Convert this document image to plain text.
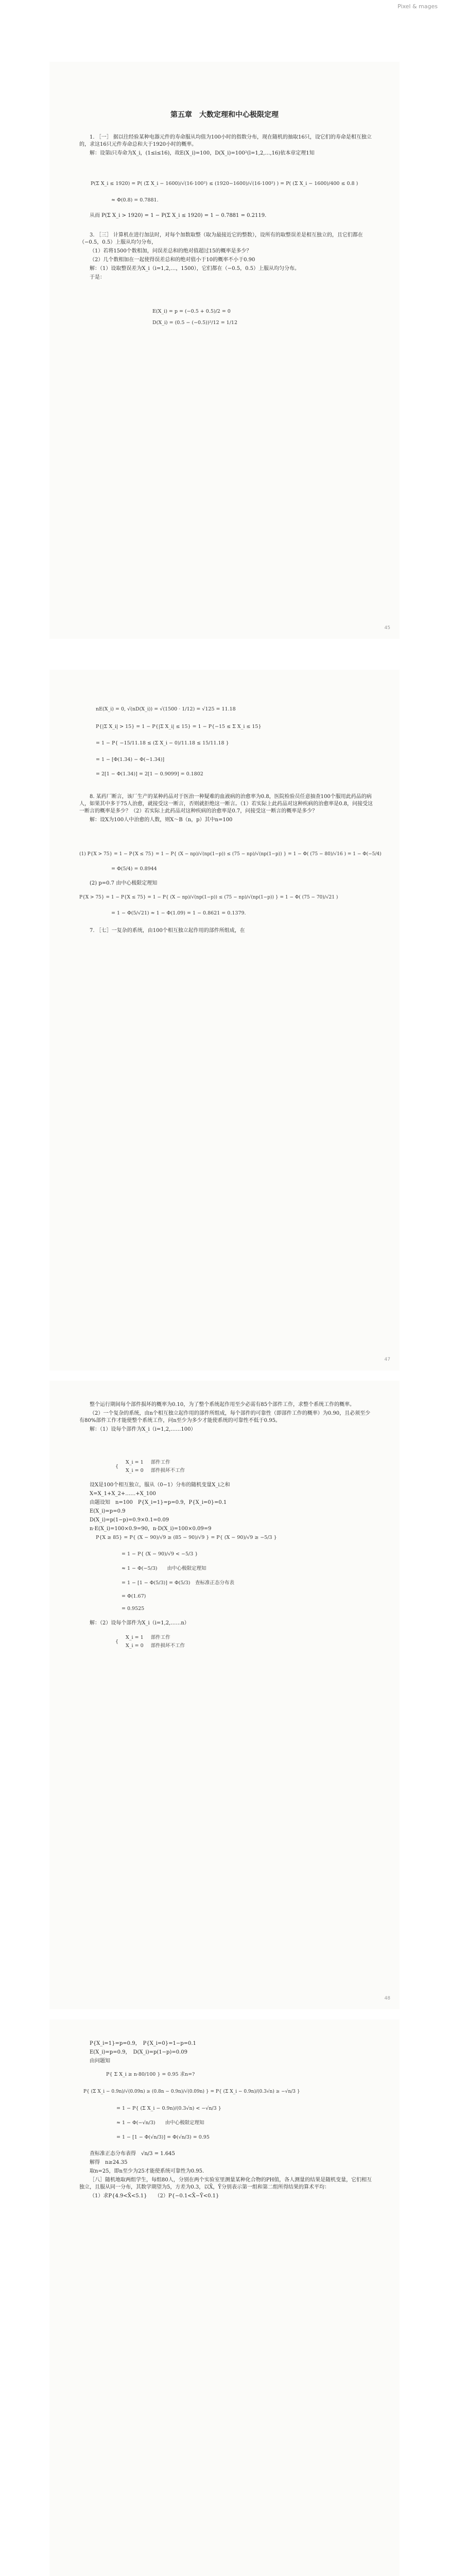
Pixel & mages
第五章　大数定理和中心极限定理

1. ［一］ 据以往经验某种电器元件的寿命服从均值为100小时的指数分布，现在随机的抽取16只，设它们的寿命是相互独立的，求这16只元件寿命总和大于1920小时的概率。

解：设第i只寿命为X_i，(1≤i≤16)，故E(X_i)=100，D(X_i)=100²(l=1,2,…,16)依本章定理1知

P(Σ X_i ≤ 1920) = P( (Σ X_i − 1600)/√(16·100²) ≤ (1920−1600)/√(16·100²) ) = P( (Σ X_i − 1600)/400 ≤ 0.8 )
≈ Φ(0.8) = 0.7881.

从而 P(Σ X_i > 1920) = 1 − P(Σ X_i ≤ 1920) = 1 − 0.7881 = 0.2119.

3. ［三］ 计算机在进行加法时，对每个加数取整（取为最接近它的整数），设所有的取整误差是相互独立的，且它们都在（−0.5，0.5）上服从均匀分布，

（1）若将1500个数相加，问误差总和的绝对值超过15的概率是多少？

（2）几个数相加在一起使得误差总和的绝对值小于10的概率不小于0.90

解：（1）设取整误差为X_i（i=1,2,…，1500），它们都在（−0.5，0.5）上服从均匀分布。

于是：

E(X_i) = p = (−0.5 + 0.5)/2 = 0
D(X_i) = (0.5 − (−0.5))²/12 = 1/12
45
nE(X_i) = 0, √(nD(X_i)) = √(1500 · 1/12) = √125 = 11.18
P{|Σ X_i| > 15} = 1 − P{|Σ X_i| ≤ 15} = 1 − P{−15 ≤ Σ X_i ≤ 15}
= 1 − P{ −15/11.18 ≤ (Σ X_i − 0)/11.18 ≤ 15/11.18 }
= 1 − [Φ(1.34) − Φ(−1.34)]
= 2[1 − Φ(1.34)] = 2[1 − 0.9099] = 0.1802

8. 某药厂断言，该厂生产的某种药品对于医治一种疑难的血液病的治愈率为0.8，医院检验员任意抽查100个服用此药品的病人，如果其中多于75人治愈，就接受这一断言，否则就拒绝这一断言。（1）若实际上此药品对这种疾病的治愈率是0.8，问接受这一断言的概率是多少？（2）若实际上此药品对这种疾病的治愈率是0.7，问接受这一断言的概率是多少？

解：设X为100人中治愈的人数，则X～B（n，p）其中n=100

(1) P{X > 75} = 1 − P{X ≤ 75} = 1 − P{ (X − np)/√(np(1−p)) ≤ (75 − np)/√(np(1−p)) } = 1 − Φ( (75 − 80)/√16 ) = 1 − Φ(−5/4)
= Φ(5/4) = 0.8944

(2) p=0.7 由中心极限定理知

P{X > 75} = 1 − P{X ≤ 75} = 1 − P{ (X − np)/√(np(1−p)) ≤ (75 − np)/√(np(1−p)) } = 1 − Φ( (75 − 70)/√21 )
= 1 − Φ(5/√21) ≈ 1 − Φ(1.09) = 1 − 0.8621 = 0.1379.

7. ［七］一复杂的系统，由100个相互独立起作用的部件所组成，在

47

整个运行期间每个部件损坏的概率为0.10，为了整个系统起作用至少必需有85个部件工作，求整个系统工作的概率。

（2）一个复杂的系统，由n个相互独立起作用的部件所组成，每个部件的可靠性（即部件工作的概率）为0.90，且必须至少有80%部件工作才能使整个系统工作，问n至少为多少才能使系统的可靠性不低于0.95。

解：（1）设每个部件为X_i（i=1,2,……100）

{	X_i = 1	部件工作
	X_i = 0	部件损坏不工作

设X是100个相互独立，服从（0−1）分布的随机变量X_i之和

X=X_1+X_2+……+X_100

由题设知　n=100　P{X_i=1}=p=0.9，P{X_i=0}=0.1

E(X_i)=p=0.9

D(X_i)=p(1−p)=0.9×0.1=0.09

n·E(X_i)=100×0.9=90，n·D(X_i)=100×0.09=9

P{X ≥ 85} = P{ (X − 90)/√9 ≥ (85 − 90)/√9 } = P{ (X − 90)/√9 ≥ −5/3 }
= 1 − P{ (X − 90)/√9 < −5/3 }
≈ 1 − Φ(−5/3)　　由中心极限定理知
= 1 − [1 − Φ(5/3)] = Φ(5/3)　查标准正态分布表
= Φ(1.67)
= 0.9525

解：（2）设每个部件为X_i（i=1,2,……n）

{	X_i = 1	部件工作
	X_i = 0	部件损坏不工作
48

P{X_i=1}=p=0.9，　P{X_i=0}=1−p=0.1

E(X_i)=p=0.9，　D(X_i)=p(1−p)=0.09

由问题知

P{ Σ X_i ≥ n·80/100 } = 0.95 求n=?
P{ (Σ X_i − 0.9n)/√(0.09n) ≥ (0.8n − 0.9n)/√(0.09n) } = P{ (Σ X_i − 0.9n)/(0.3√n) ≥ −√n/3 }
= 1 − P{ (Σ X_i − 0.9n)/(0.3√n) < −√n/3 }
≈ 1 − Φ(−√n/3)　　由中心极限定理知
= 1 − [1 − Φ(√n/3)] = Φ(√n/3) = 0.95

查标准正态分布表得　√n/3 = 1.645

解得　n≥24.35

取n=25，即n至少为25才能使系统可靠性为0.95.

［八］随机地取两组学生，每组80人，分别在两个实验室里测量某种化合物的PH值，各人测量的结果是随机变量，它们相互独立，且服从同一分布，其数学期望为5，方差为0.3，以X̄，Ȳ分别表示第一组和第二组所得结果的算术平均：

（1）求P{4.9<X̄<5.1}　　（2）P{−0.1<X̄−Ȳ<0.1}
